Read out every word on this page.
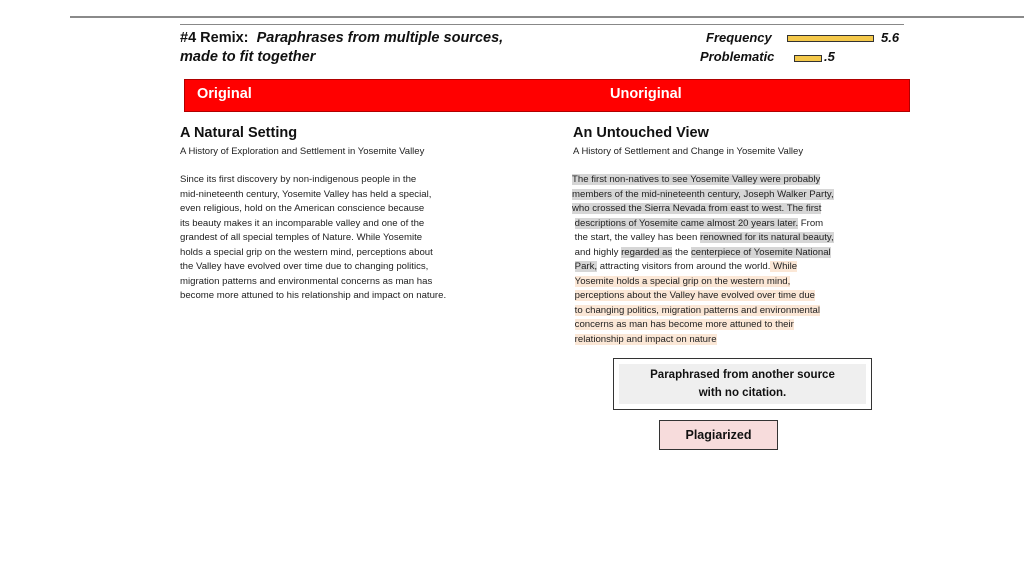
#4 Remix: Paraphrases from multiple sources,
made to fit together
Frequency	5.6
Problematic	.5
Original	Unoriginal
A Natural Setting
A History of Exploration and Settlement in Yosemite Valley

Since its first discovery by non-indigenous people in the

mid-nineteenth century, Yosemite Valley has held a special,

even religious, hold on the American conscience because

its beauty makes it an incomparable valley and one of the

grandest of all special temples of Nature. While Yosemite

holds a special grip on the western mind, perceptions about

the Valley have evolved over time due to changing politics,

migration patterns and environmental concerns as man has

become more attuned to his relationship and impact on nature.

An Untouched View
A History of Settlement and Change in Yosemite Valley

The first non-natives to see Yosemite Valley were probably

members of the mid-nineteenth century, Joseph Walker Party,

who crossed the Sierra Nevada from east to west. The first

descriptions of Yosemite came almost 20 years later. From

the start, the valley has been renowned for its natural beauty,

and highly regarded as the centerpiece of Yosemite National

Park, attracting visitors from around the world. While

Yosemite holds a special grip on the western mind,

perceptions about the Valley have evolved over time due

to changing politics, migration patterns and environmental

concerns as man has become more attuned to their

relationship and impact on nature

Paraphrased from another source
with no citation.
Plagiarized
